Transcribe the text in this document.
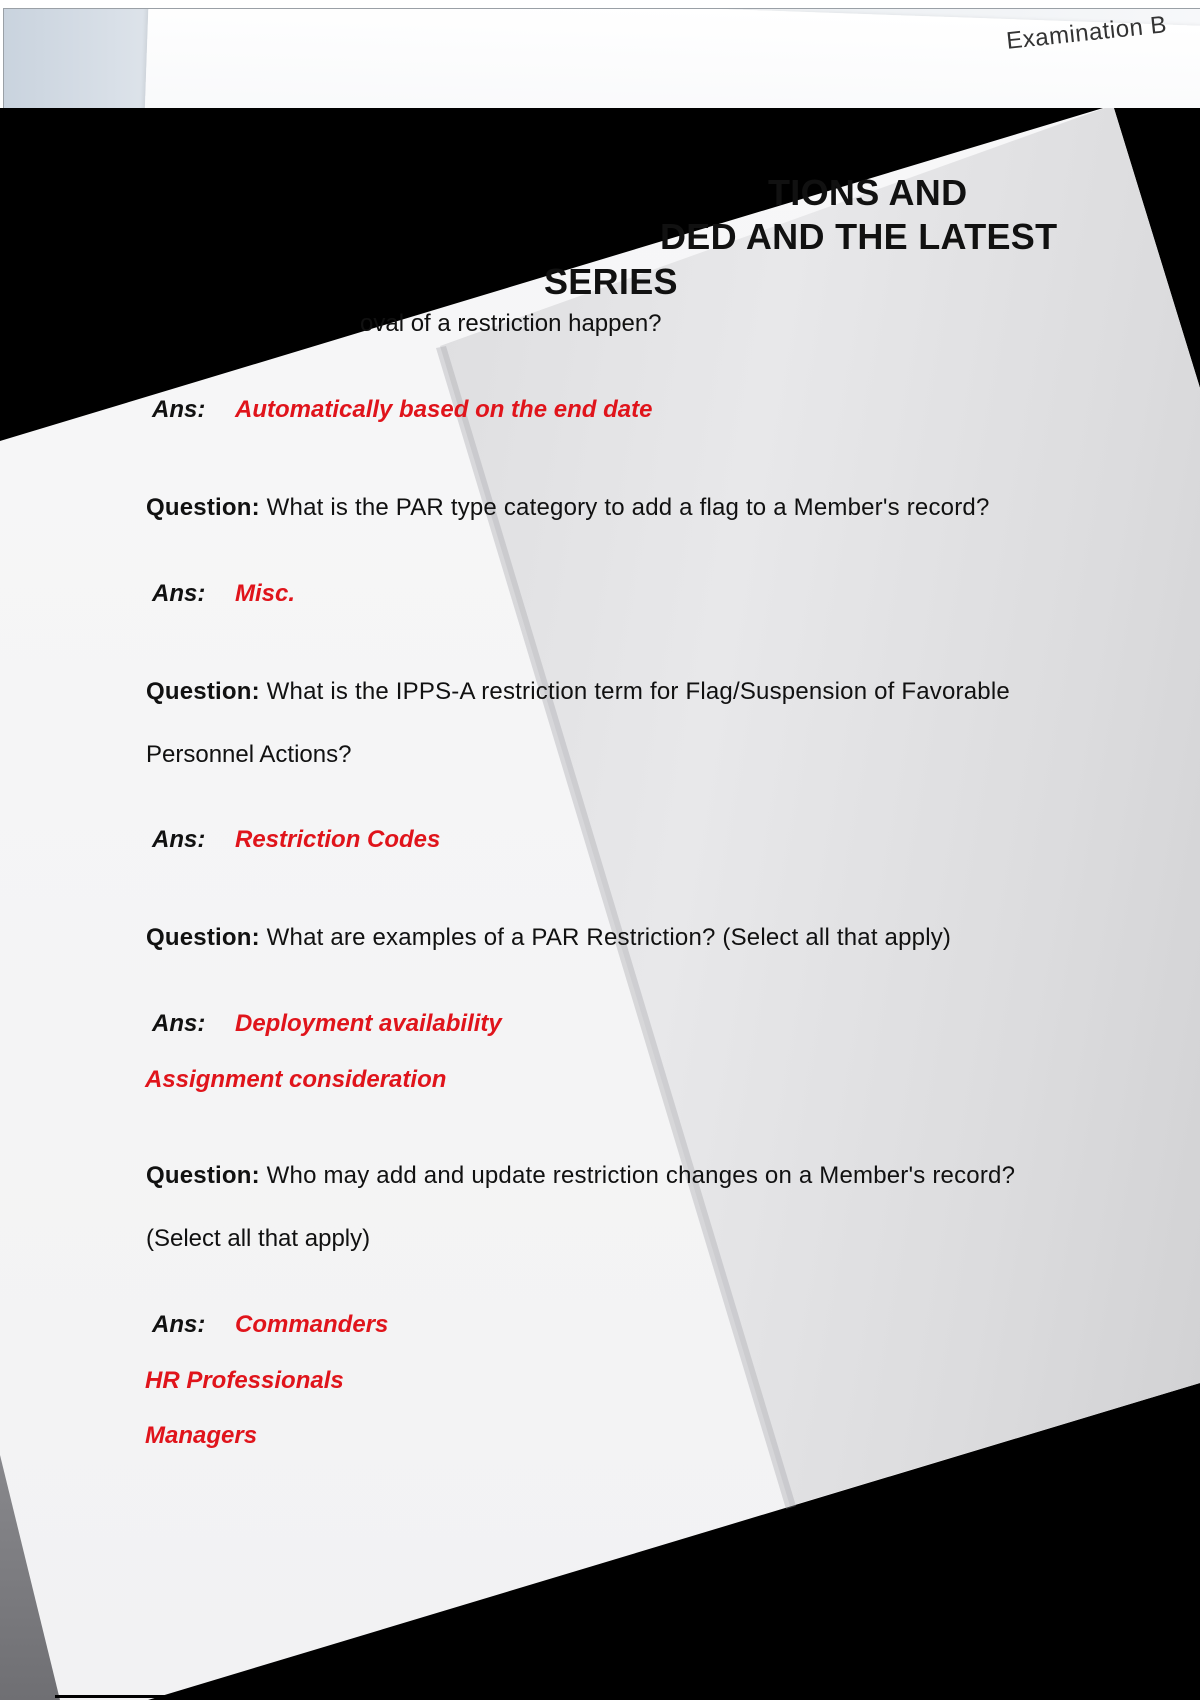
Examination B
TIONS AND
DED AND THE LATEST
SERIES
oval of a restriction happen?
Ans: Automatically based on the end date
Question: What is the PAR type category to add a flag to a Member's record?
Ans: Misc.
Question: What is the IPPS-A restriction term for Flag/Suspension of Favorable
Personnel Actions?
Ans: Restriction Codes
Question: What are examples of a PAR Restriction? (Select all that apply)
Ans: Deployment availability
Assignment consideration
Question: Who may add and update restriction changes on a Member's record?
(Select all that apply)
Ans: Commanders
HR Professionals
Managers
